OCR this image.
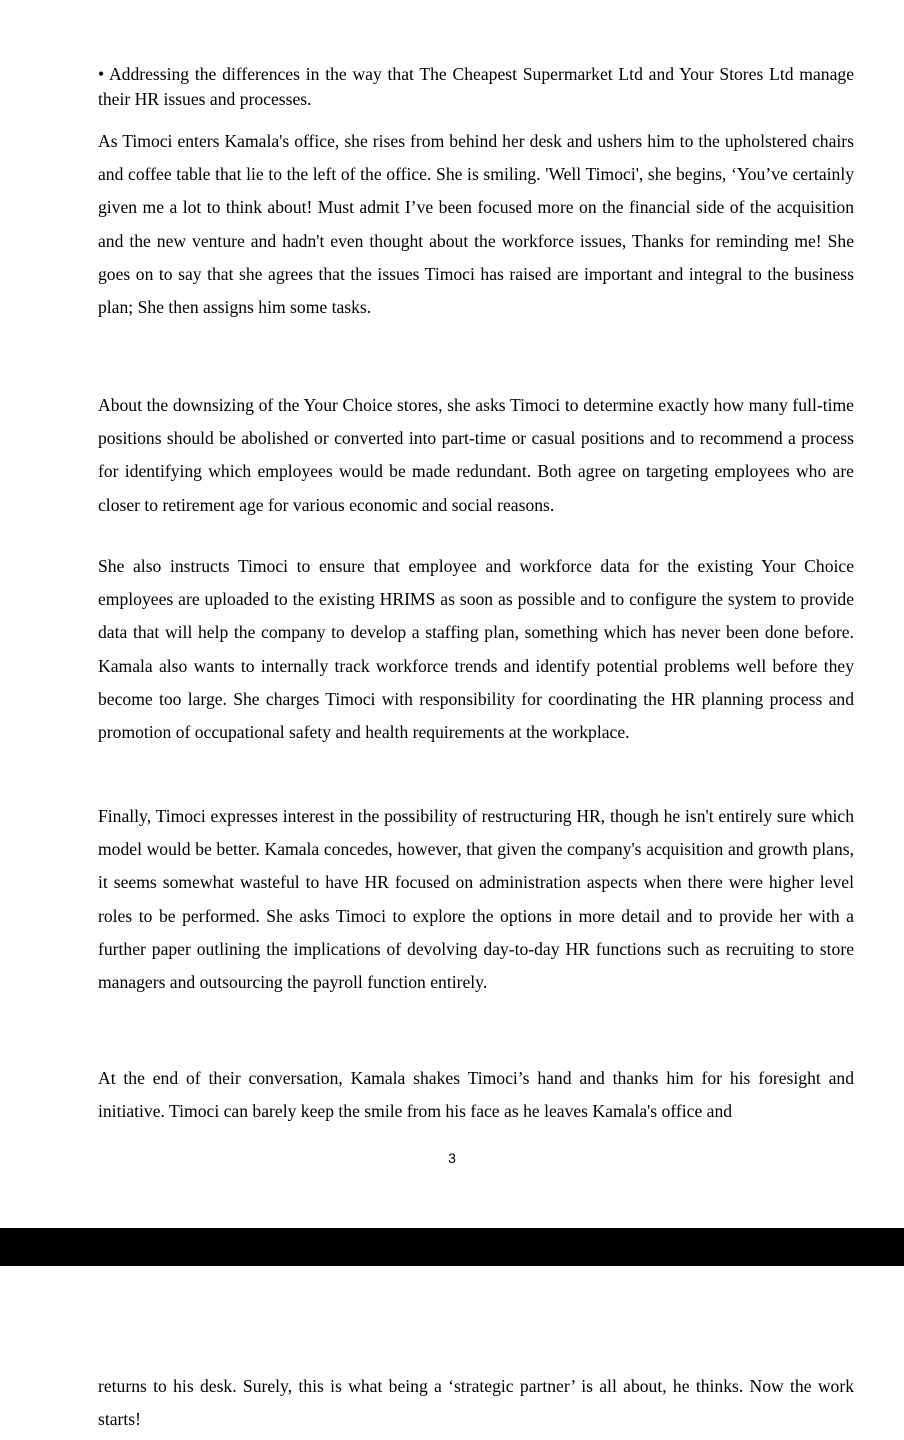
• Addressing the differences in the way that The Cheapest Supermarket Ltd and Your Stores Ltd manage their HR issues and processes.

As Timoci enters Kamala's office, she rises from behind her desk and ushers him to the upholstered chairs and coffee table that lie to the left of the office. She is smiling. 'Well Timoci', she begins, ‘You’ve certainly given me a lot to think about! Must admit I’ve been focused more on the financial side of the acquisition and the new venture and hadn't even thought about the workforce issues, Thanks for reminding me! She goes on to say that she agrees that the issues Timoci has raised are important and integral to the business plan; She then assigns him some tasks.

About the downsizing of the Your Choice stores, she asks Timoci to determine exactly how many full-time positions should be abolished or converted into part-time or casual positions and to recommend a process for identifying which employees would be made redundant. Both agree on targeting employees who are closer to retirement age for various economic and social reasons.

She also instructs Timoci to ensure that employee and workforce data for the existing Your Choice employees are uploaded to the existing HRIMS as soon as possible and to configure the system to provide data that will help the company to develop a staffing plan, something which has never been done before. Kamala also wants to internally track workforce trends and identify potential problems well before they become too large. She charges Timoci with responsibility for coordinating the HR planning process and promotion of occupational safety and health requirements at the workplace.

Finally, Timoci expresses interest in the possibility of restructuring HR, though he isn't entirely sure which model would be better. Kamala concedes, however, that given the company's acquisition and growth plans, it seems somewhat wasteful to have HR focused on administration aspects when there were higher level roles to be performed. She asks Timoci to explore the options in more detail and to provide her with a further paper outlining the implications of devolving day-to-day HR functions such as recruiting to store managers and outsourcing the payroll function entirely.

At the end of their conversation, Kamala shakes Timoci’s hand and thanks him for his foresight and initiative. Timoci can barely keep the smile from his face as he leaves Kamala's office and

3

returns to his desk. Surely, this is what being a ‘strategic partner’ is all about, he thinks. Now the work starts!
